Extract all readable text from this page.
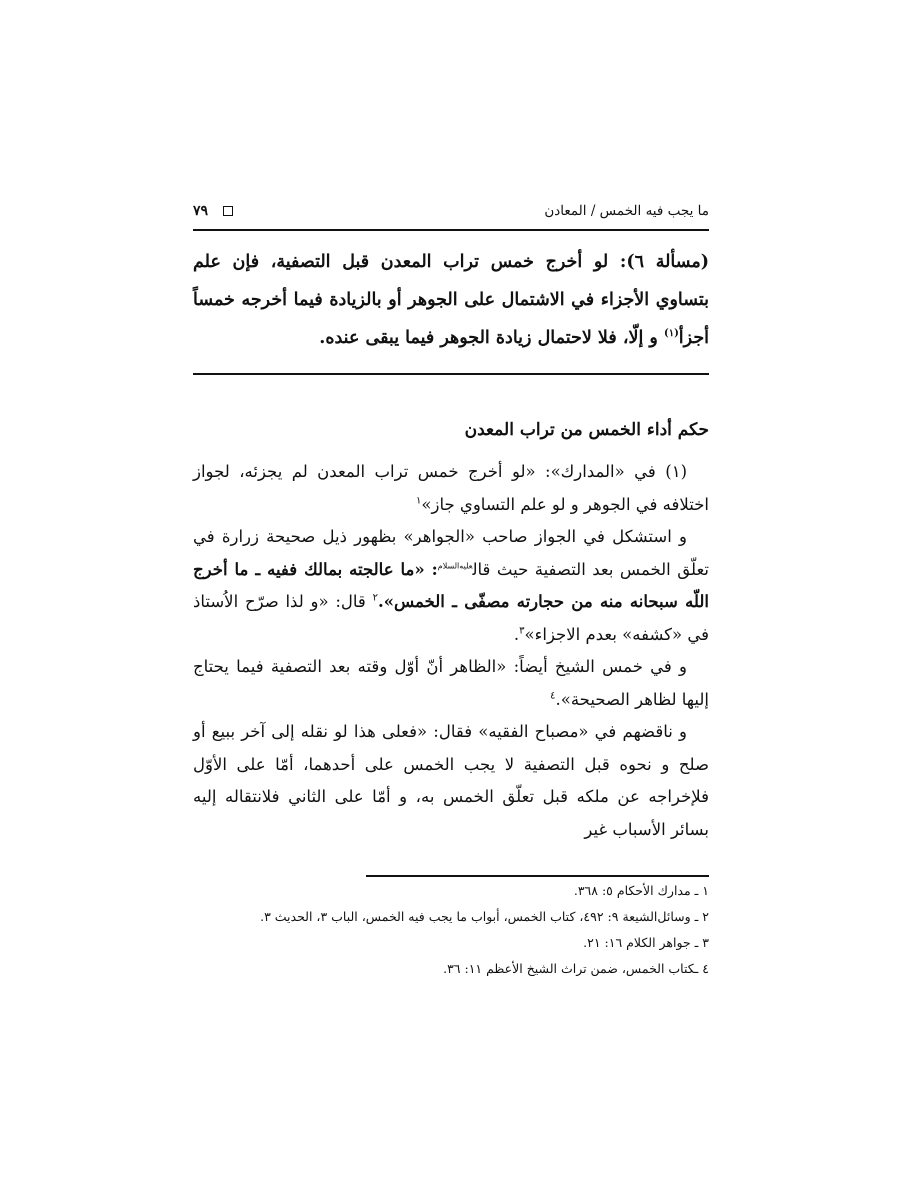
ما يجب فيه الخمس / المعادن
٧٩
(مسألة ٦): لو أخرج خمس تراب المعدن قبل التصفية، فإن علم بتساوي الأجزاء في الاشتمال على الجوهر أو بالزيادة فيما أخرجه خمساً أجزأ$^{(١)}$ و إلّا، فلا لاحتمال زيادة الجوهر فيما يبقى عنده.
حكم أداء الخمس من تراب المعدن

(١) في «المدارك»: «لو أخرج خمس تراب المعدن لم يجزئه، لجواز اختلافه في الجوهر و لو علم التساوي جاز»$^١$

و استشكل في الجواز صاحب «الجواهر» بظهور ذيل صحيحة زرارة في تعلّق الخمس بعد التصفية حيث قال$^{عليه‌السلام}$: «ما عالجته بمالك ففيه ـ ما أخرج اللّه سبحانه منه من حجارته مصفّى ـ الخمس».$^٢$ قال: «و لذا صرّح الاُستاذ في «كشفه» بعدم الاجزاء»$^٣$.

و في خمس الشيخ أيضاً: «الظاهر أنّ أوّل وقته بعد التصفية فيما يحتاج إليها لظاهر الصحيحة».$^٤$

و ناقضهم في «مصباح الفقيه» فقال: «فعلى هذا لو نقله إلى آخر ببيع أو صلح و نحوه قبل التصفية لا يجب الخمس على أحدهما، أمّا على الأوّل فلإخراجه عن ملكه قبل تعلّق الخمس به، و أمّا على الثاني فلانتقاله إليه بسائر الأسباب غير

١ ـ مدارك الأحكام ٥: ٣٦٨.

٢ ـ وسائل‌الشيعة ٩: ٤٩٢، كتاب الخمس، أبواب ما يجب فيه الخمس، الباب ٣، الحديث ٣.

٣ ـ جواهر الكلام ١٦: ٢١.

٤ ـكتاب الخمس، ضمن تراث الشيخ الأعظم ١١: ٣٦.
